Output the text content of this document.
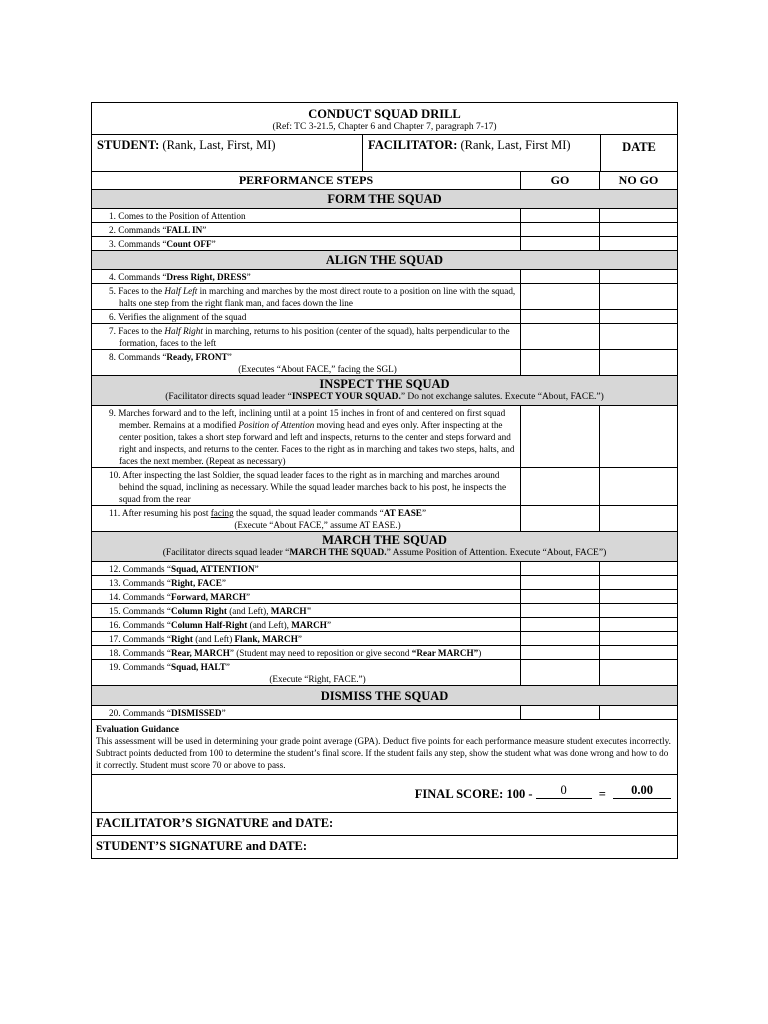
CONDUCT SQUAD DRILL
(Ref: TC 3-21.5, Chapter 6 and Chapter 7, paragraph 7-17)
STUDENT: (Rank, Last, First, MI)	FACILITATOR: (Rank, Last, First MI)	DATE
PERFORMANCE STEPS	GO	NO GO
FORM THE SQUAD
1. Comes to the Position of Attention
2. Commands “FALL IN”
3. Commands “Count OFF”
ALIGN THE SQUAD
4. Commands “Dress Right, DRESS”
5. Faces to the Half Left in marching and marches by the most direct route to a position on line with the squad, halts one step from the right flank man, and faces down the line
6. Verifies the alignment of the squad
7. Faces to the Half Right in marching, returns to his position (center of the squad), halts perpendicular to the formation, faces to the left
8. Commands “Ready, FRONT”
(Executes “About FACE,” facing the SGL)
INSPECT THE SQUAD
(Facilitator directs squad leader “INSPECT YOUR SQUAD.” Do not exchange salutes. Execute “About, FACE.”)
9. Marches forward and to the left, inclining until at a point 15 inches in front of and centered on first squad member. Remains at a modified Position of Attention moving head and eyes only. After inspecting at the center position, takes a short step forward and left and inspects, returns to the center and steps forward and right and inspects, and returns to the center. Faces to the right as in marching and takes two steps, halts, and faces the next member. (Repeat as necessary)
10. After inspecting the last Soldier, the squad leader faces to the right as in marching and marches around behind the squad, inclining as necessary. While the squad leader marches back to his post, he inspects the squad from the rear
11. After resuming his post facing the squad, the squad leader commands “AT EASE”
(Execute “About FACE,” assume AT EASE.)
MARCH THE SQUAD
(Facilitator directs squad leader “MARCH THE SQUAD.” Assume Position of Attention. Execute “About, FACE”)
12. Commands “Squad, ATTENTION”
13. Commands “Right, FACE”
14. Commands “Forward, MARCH”
15. Commands “Column Right (and Left), MARCH"
16. Commands “Column Half-Right (and Left), MARCH”
17. Commands “Right (and Left) Flank, MARCH”
18. Commands “Rear, MARCH” (Student may need to reposition or give second “Rear MARCH”)
19. Commands “Squad, HALT”
(Execute “Right, FACE.”)
DISMISS THE SQUAD
20. Commands “DISMISSED”
Evaluation Guidance
This assessment will be used in determining your grade point average (GPA). Deduct five points for each performance measure student executes incorrectly. Subtract points deducted from 100 to determine the student’s final score. If the student fails any step, show the student what was done wrong and how to do it correctly. Student must score 70 or above to pass.
FINAL SCORE: 100 - 0	= 0.00
FACILITATOR’S SIGNATURE and DATE:
STUDENT’S SIGNATURE and DATE:
